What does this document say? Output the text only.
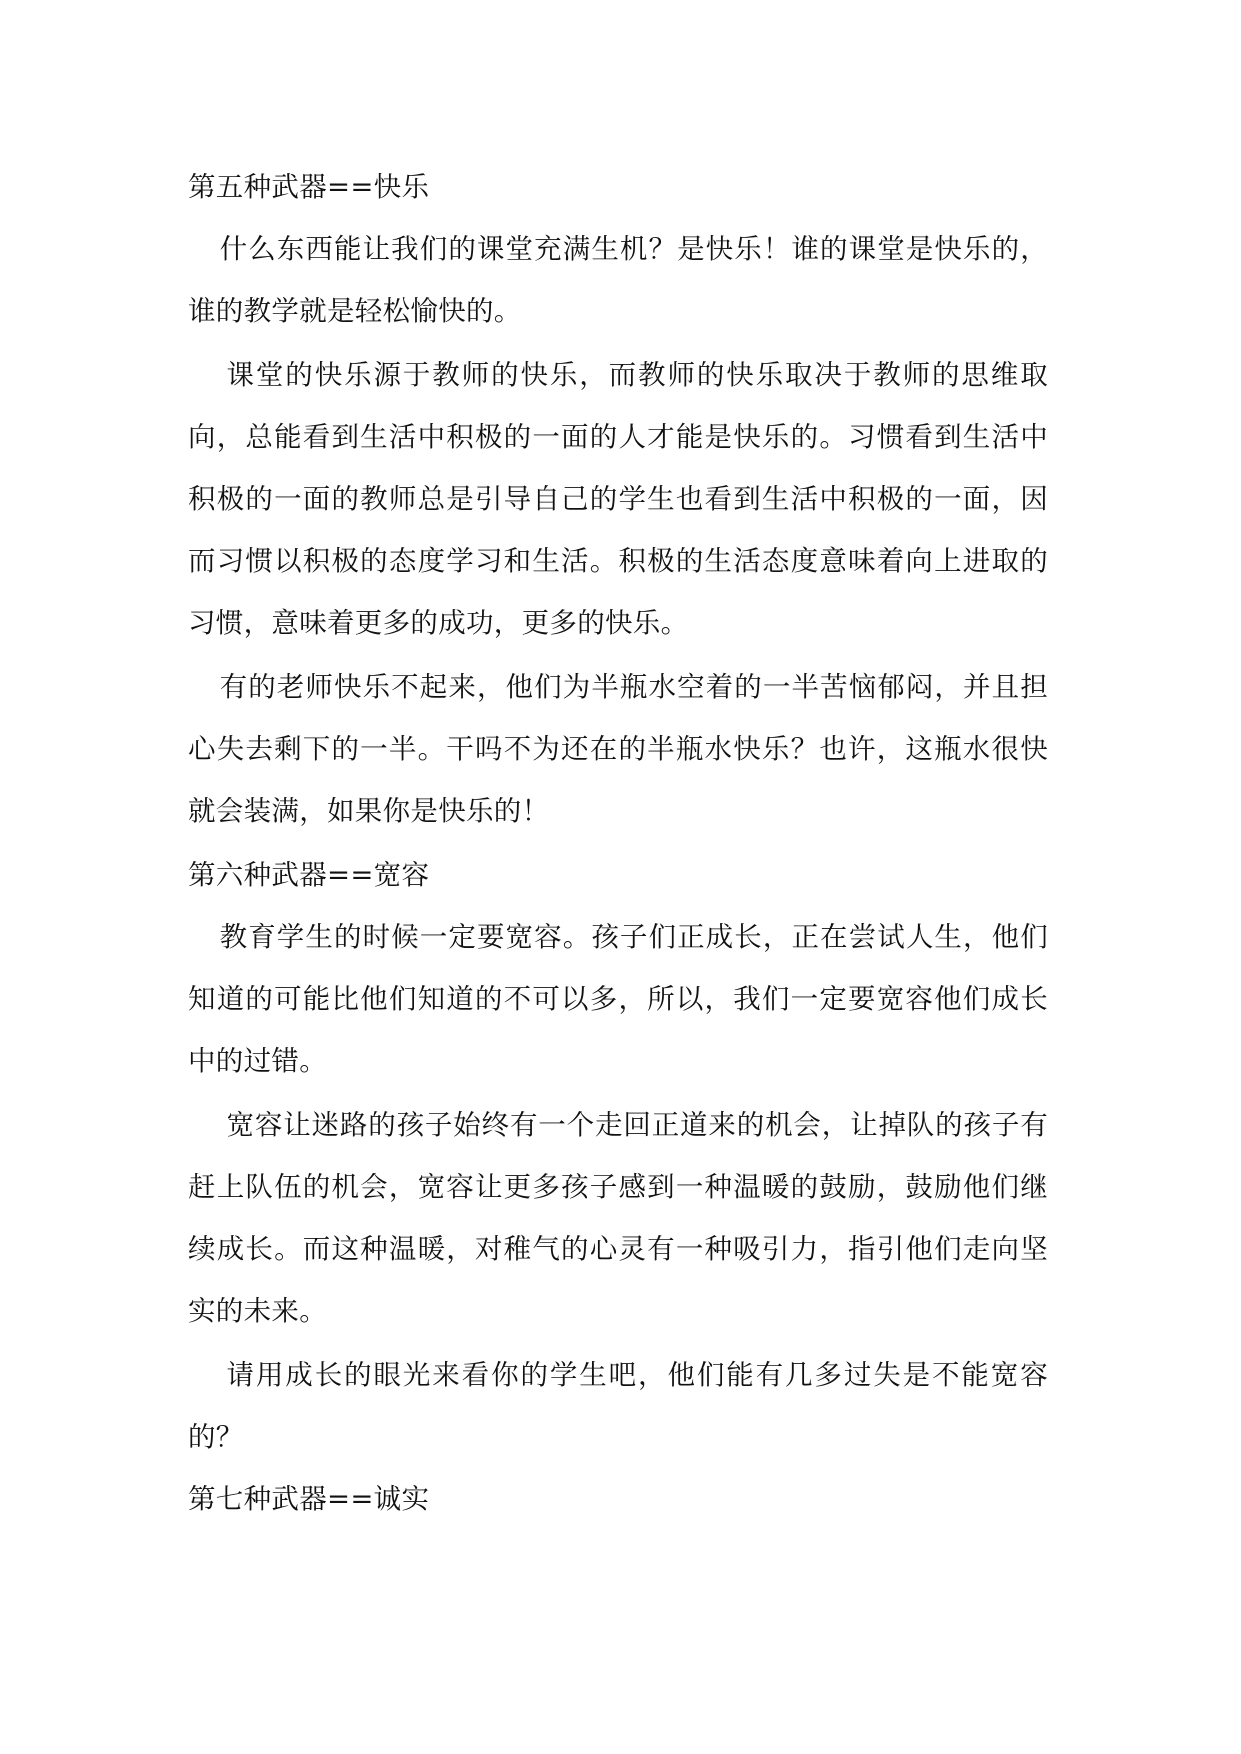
第五种武器==快乐

什么东西能让我们的课堂充满生机？是快乐！谁的课堂是快乐的，谁的教学就是轻松愉快的。

课堂的快乐源于教师的快乐，而教师的快乐取决于教师的思维取向，总能看到生活中积极的一面的人才能是快乐的。习惯看到生活中积极的一面的教师总是引导自己的学生也看到生活中积极的一面，因而习惯以积极的态度学习和生活。积极的生活态度意味着向上进取的习惯，意味着更多的成功，更多的快乐。

有的老师快乐不起来，他们为半瓶水空着的一半苦恼郁闷，并且担心失去剩下的一半。干吗不为还在的半瓶水快乐？也许，这瓶水很快就会装满，如果你是快乐的！

第六种武器==宽容

教育学生的时候一定要宽容。孩子们正成长，正在尝试人生，他们知道的可能比他们知道的不可以多，所以，我们一定要宽容他们成长中的过错。

宽容让迷路的孩子始终有一个走回正道来的机会，让掉队的孩子有赶上队伍的机会，宽容让更多孩子感到一种温暖的鼓励，鼓励他们继续成长。而这种温暖，对稚气的心灵有一种吸引力，指引他们走向坚实的未来。

请用成长的眼光来看你的学生吧，他们能有几多过失是不能宽容的？

第七种武器==诚实
